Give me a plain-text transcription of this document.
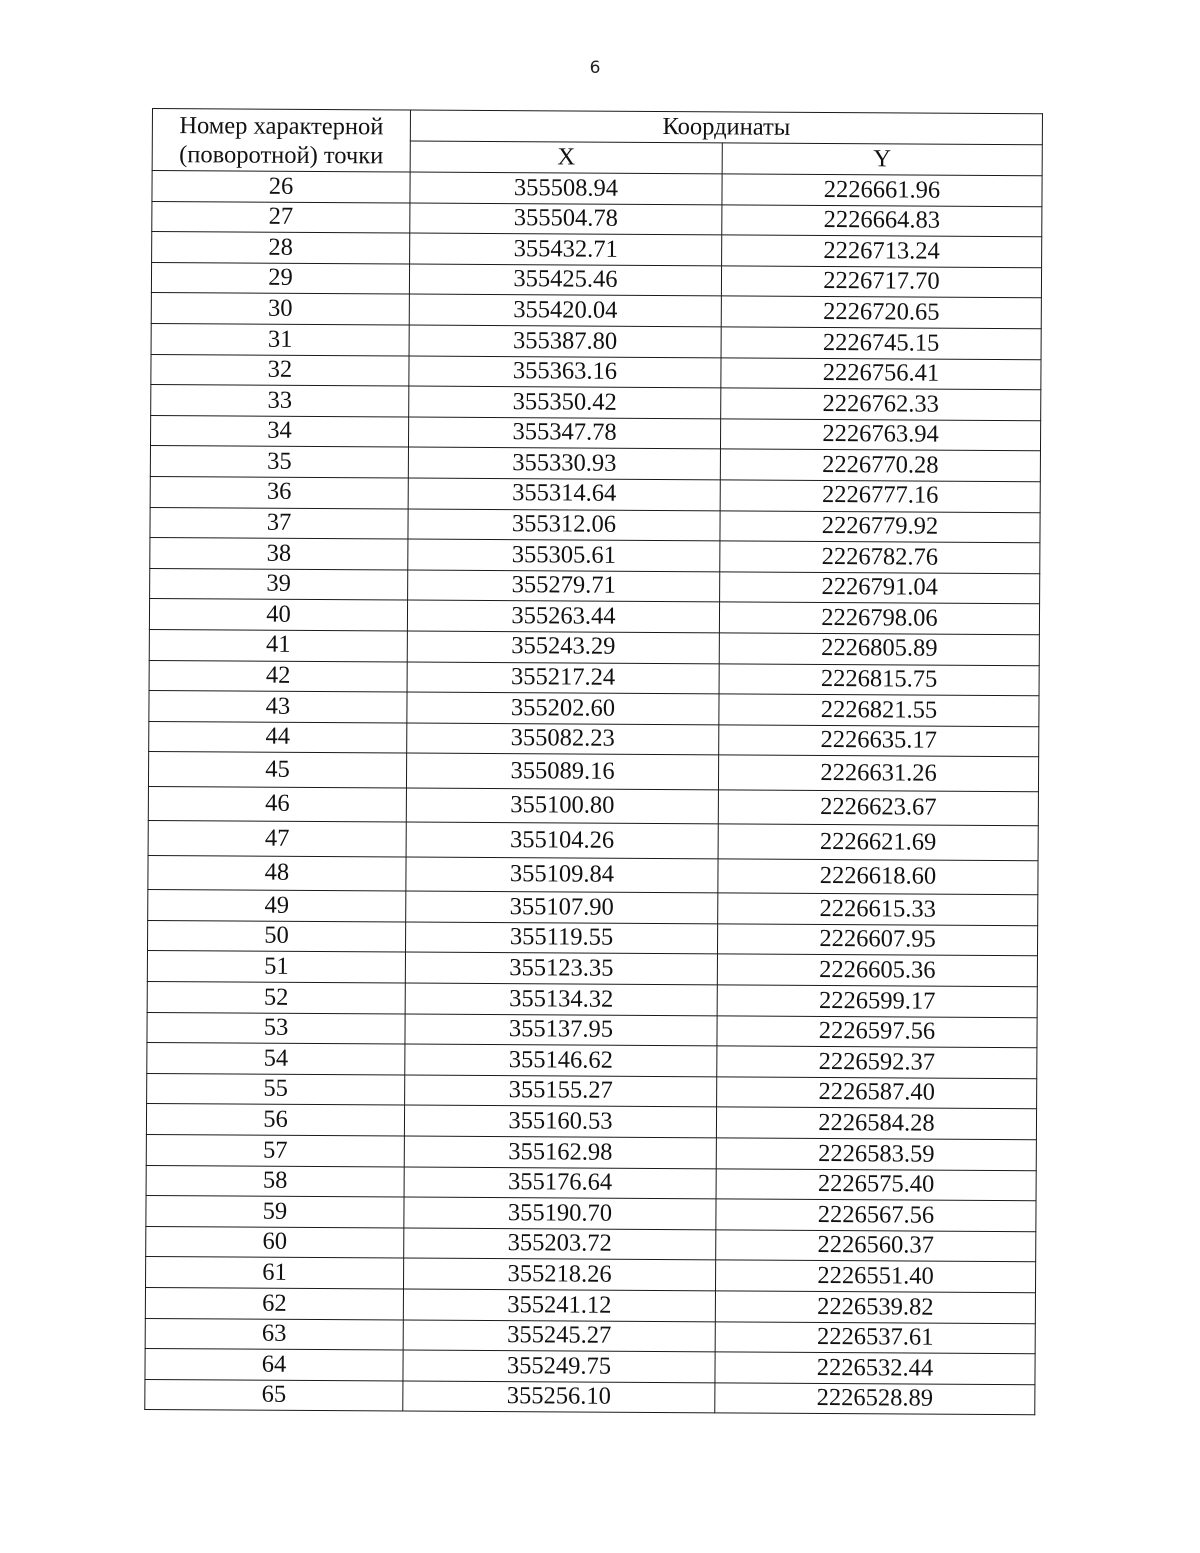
6
Номер характерной (поворотной) точки	Координаты	
	X	Y
26	355508.94	2226661.96
27	355504.78	2226664.83
28	355432.71	2226713.24
29	355425.46	2226717.70
30	355420.04	2226720.65
31	355387.80	2226745.15
32	355363.16	2226756.41
33	355350.42	2226762.33
34	355347.78	2226763.94
35	355330.93	2226770.28
36	355314.64	2226777.16
37	355312.06	2226779.92
38	355305.61	2226782.76
39	355279.71	2226791.04
40	355263.44	2226798.06
41	355243.29	2226805.89
42	355217.24	2226815.75
43	355202.60	2226821.55
44	355082.23	2226635.17
45	355089.16	2226631.26
46	355100.80	2226623.67
47	355104.26	2226621.69
48	355109.84	2226618.60
49	355107.90	2226615.33
50	355119.55	2226607.95
51	355123.35	2226605.36
52	355134.32	2226599.17
53	355137.95	2226597.56
54	355146.62	2226592.37
55	355155.27	2226587.40
56	355160.53	2226584.28
57	355162.98	2226583.59
58	355176.64	2226575.40
59	355190.70	2226567.56
60	355203.72	2226560.37
61	355218.26	2226551.40
62	355241.12	2226539.82
63	355245.27	2226537.61
64	355249.75	2226532.44
65	355256.10	2226528.89
